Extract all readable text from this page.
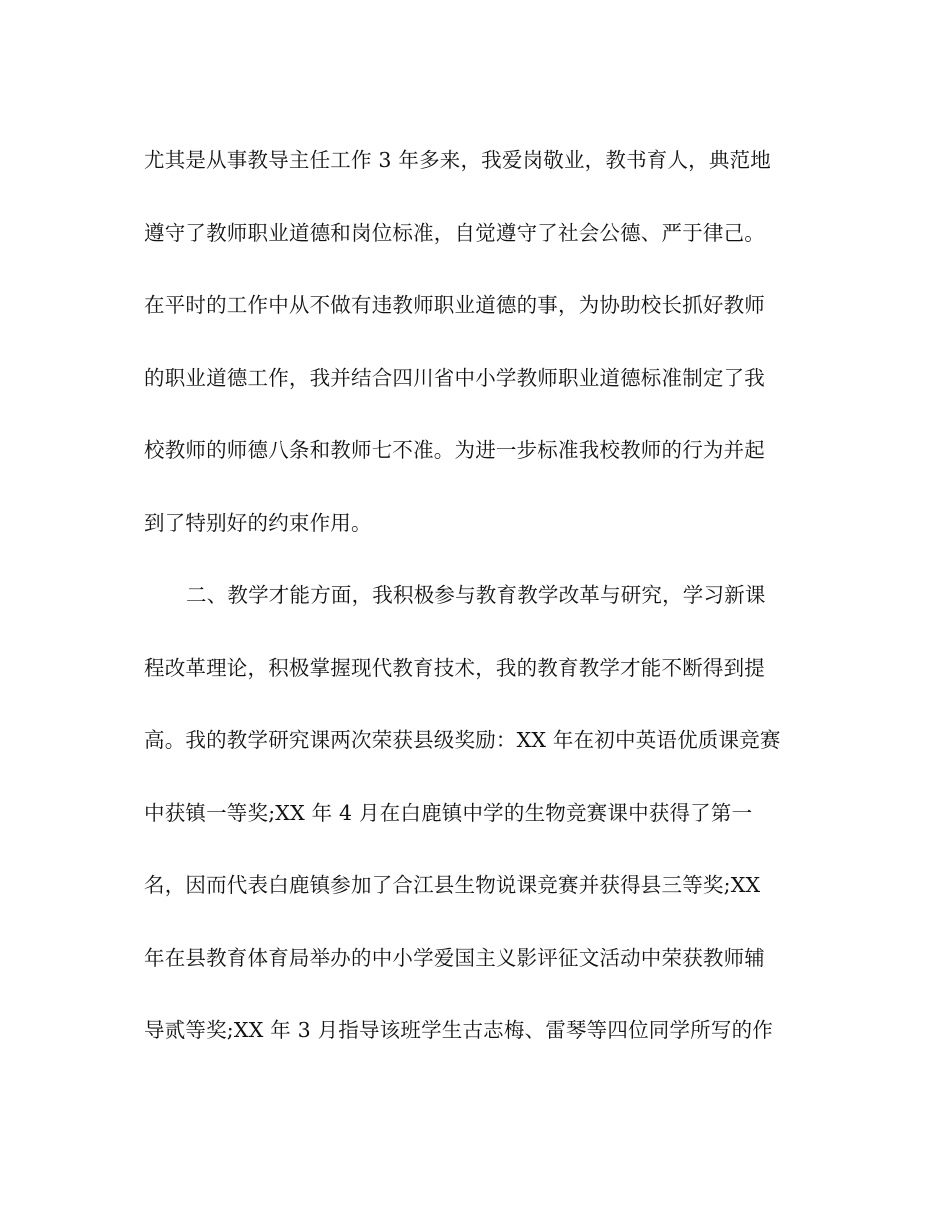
尤其是从事教导主任工作 3 年多来，我爱岗敬业，教书育人，典范地
遵守了教师职业道德和岗位标准，自觉遵守了社会公德、严于律己。
在平时的工作中从不做有违教师职业道德的事，为协助校长抓好教师
的职业道德工作，我并结合四川省中小学教师职业道德标准制定了我
校教师的师德八条和教师七不准。为进一步标准我校教师的行为并起
到了特别好的约束作用。
二、教学才能方面，我积极参与教育教学改革与研究，学习新课
程改革理论，积极掌握现代教育技术，我的教育教学才能不断得到提
高。我的教学研究课两次荣获县级奖励：XX 年在初中英语优质课竞赛
中获镇一等奖;XX 年 4 月在白鹿镇中学的生物竞赛课中获得了第一
名，因而代表白鹿镇参加了合江县生物说课竞赛并获得县三等奖;XX
年在县教育体育局举办的中小学爱国主义影评征文活动中荣获教师辅
导贰等奖;XX 年 3 月指导该班学生古志梅、雷琴等四位同学所写的作
